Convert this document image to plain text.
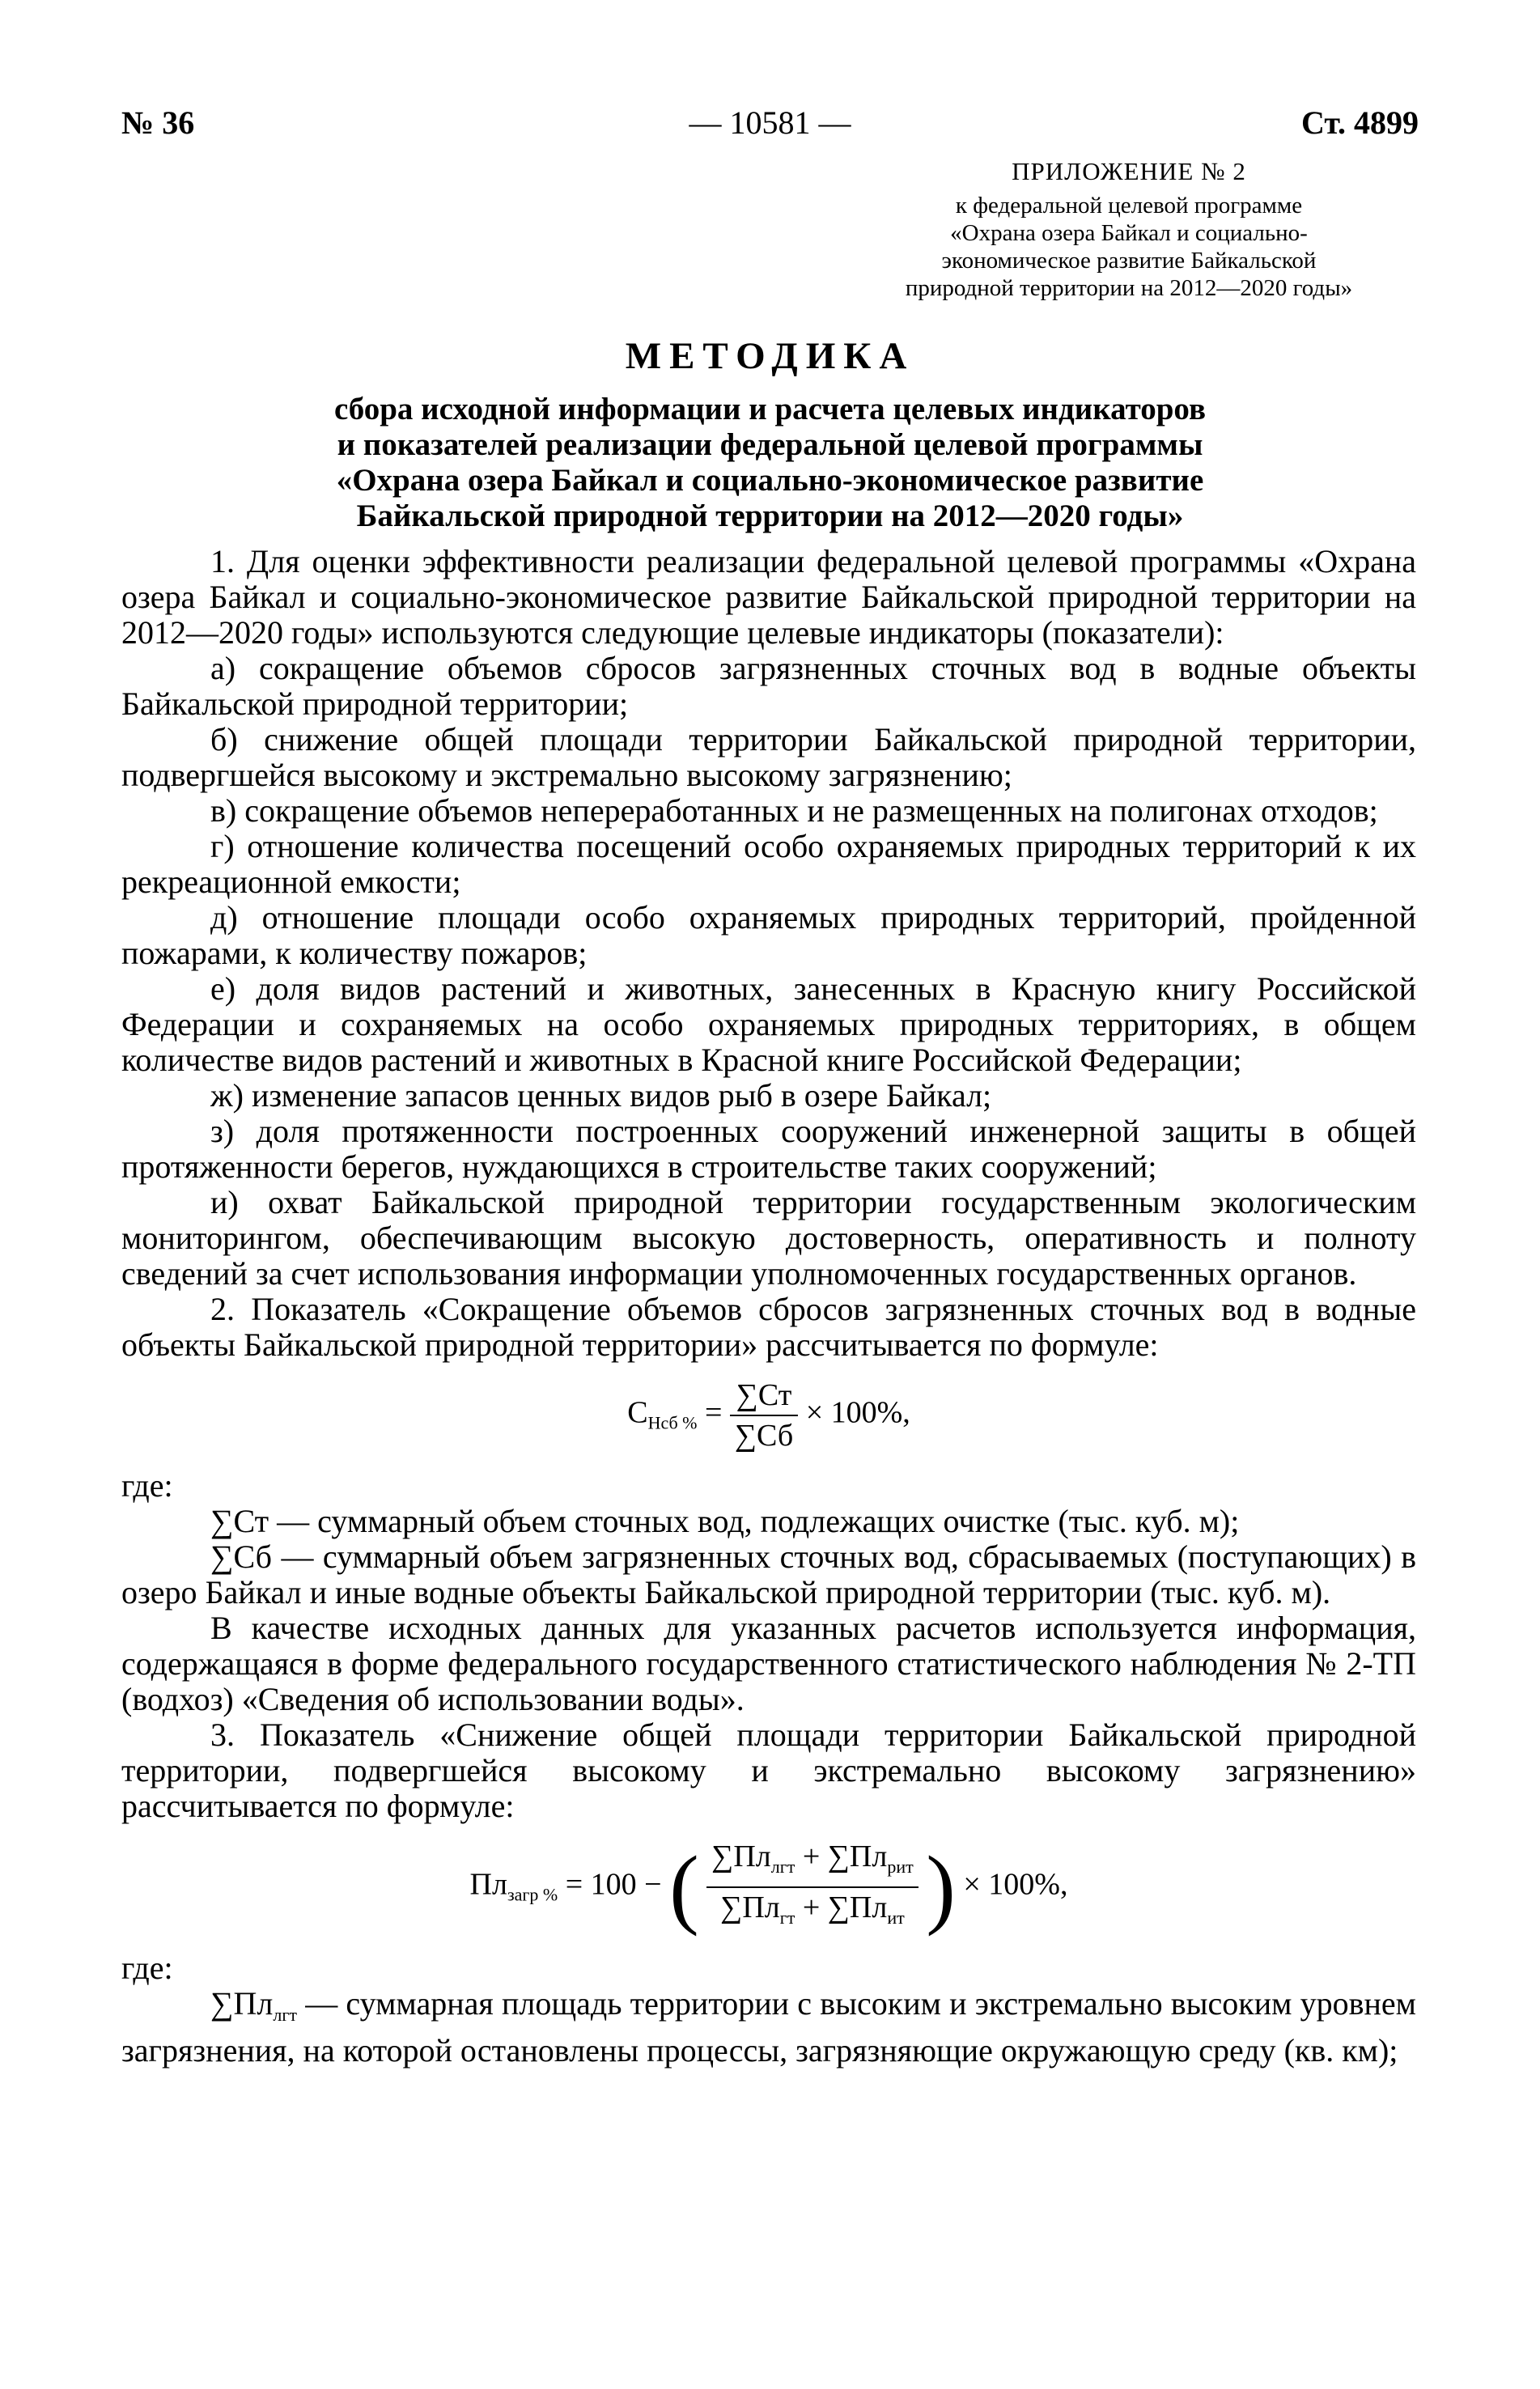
№ 36	— 10581 —	Ст. 4899
ПРИЛОЖЕНИЕ № 2
к федеральной целевой программе
«Охрана озера Байкал и социально-
экономическое развитие Байкальской
природной территории на 2012—2020 годы»
МЕТОДИКА
сбора исходной информации и расчета целевых индикаторов
и показателей реализации федеральной целевой программы
«Охрана озера Байкал и социально-экономическое развитие
Байкальской природной территории на 2012—2020 годы»

1. Для оценки эффективности реализации федеральной целевой программы «Охрана озера Байкал и социально-экономическое развитие Байкальской природной территории на 2012—2020 годы» используются следующие целевые индикаторы (показатели):

а) сокращение объемов сбросов загрязненных сточных вод в водные объекты Байкальской природной территории;

б) снижение общей площади территории Байкальской природной территории, подвергшейся высокому и экстремально высокому загрязнению;

в) сокращение объемов непереработанных и не размещенных на полигонах отходов;

г) отношение количества посещений особо охраняемых природных территорий к их рекреационной емкости;

д) отношение площади особо охраняемых природных территорий, пройденной пожарами, к количеству пожаров;

е) доля видов растений и животных, занесенных в Красную книгу Российской Федерации и сохраняемых на особо охраняемых природных территориях, в общем количестве видов растений и животных в Красной книге Российской Федерации;

ж) изменение запасов ценных видов рыб в озере Байкал;

з) доля протяженности построенных сооружений инженерной защиты в общей протяженности берегов, нуждающихся в строительстве таких сооружений;

и) охват Байкальской природной территории государственным экологическим мониторингом, обеспечивающим высокую достоверность, оперативность и полноту сведений за счет использования информации уполномоченных государственных органов.

2. Показатель «Сокращение объемов сбросов загрязненных сточных вод в водные объекты Байкальской природной территории» рассчитывается по формуле:

$С_{Нсб \%} = \frac{\sum Ст}{\sum Сб} \times 100\%$,

где:

∑Ст — суммарный объем сточных вод, подлежащих очистке (тыс. куб. м);

∑Сб — суммарный объем загрязненных сточных вод, сбрасываемых (поступающих) в озеро Байкал и иные водные объекты Байкальской природной территории (тыс. куб. м).

В качестве исходных данных для указанных расчетов используется информация, содержащаяся в форме федерального государственного статистического наблюдения № 2-ТП (водхоз) «Сведения об использовании воды».

3. Показатель «Снижение общей площади территории Байкальской природной территории, подвергшейся высокому и экстремально высокому загрязнению» рассчитывается по формуле:

$Пл_{загр \%} = 100$ − ( $\frac{\sum Пл_{лгт} + \sum Пл_{рит}}{\sum Пл_{гт} + \sum Пл_{ит}}$ ) × 100%,

где:

$\sum Пл_{лгт}$ — суммарная площадь территории с высоким и экстремально высоким уровнем загрязнения, на которой остановлены процессы, загрязняющие окружающую среду (кв. км);
